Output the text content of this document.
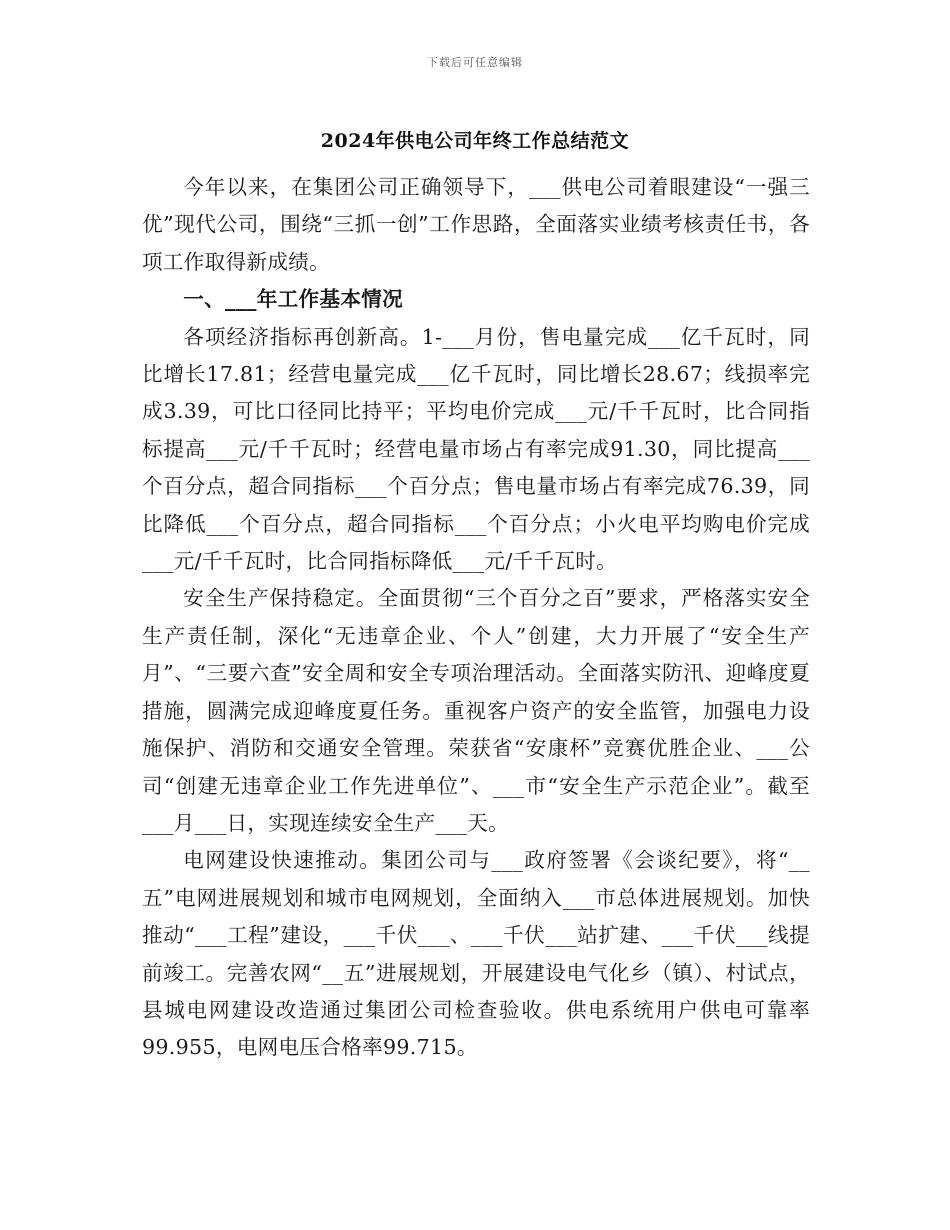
下载后可任意编辑
2024年供电公司年终工作总结范文

今年以来，在集团公司正确领导下，___供电公司着眼建设“一强三优”现代公司，围绕“三抓一创”工作思路，全面落实业绩考核责任书，各项工作取得新成绩。

一、___年工作基本情况

各项经济指标再创新高。1-___月份，售电量完成___亿千瓦时，同比增长17.81；经营电量完成___亿千瓦时，同比增长28.67；线损率完成3.39，可比口径同比持平；平均电价完成___元/千千瓦时，比合同指标提高___元/千千瓦时；经营电量市场占有率完成91.30，同比提高___个百分点，超合同指标___个百分点；售电量市场占有率完成76.39，同比降低___个百分点，超合同指标___个百分点；小火电平均购电价完成___元/千千瓦时，比合同指标降低___元/千千瓦时。

安全生产保持稳定。全面贯彻“三个百分之百”要求，严格落实安全生产责任制，深化“无违章企业、个人”创建，大力开展了“安全生产月”、“三要六查”安全周和安全专项治理活动。全面落实防汛、迎峰度夏措施，圆满完成迎峰度夏任务。重视客户资产的安全监管，加强电力设施保护、消防和交通安全管理。荣获省“安康杯”竞赛优胜企业、___公司“创建无违章企业工作先进单位”、___市“安全生产示范企业”。截至___月___日，实现连续安全生产___天。

电网建设快速推动。集团公司与___政府签署《会谈纪要》，将“__五”电网进展规划和城市电网规划，全面纳入___市总体进展规划。加快推动“___工程”建设，___千伏___、___千伏___站扩建、___千伏___线提前竣工。完善农网“__五”进展规划，开展建设电气化乡（镇）、村试点，县城电网建设改造通过集团公司检查验收。供电系统用户供电可靠率99.955，电网电压合格率99.715。
